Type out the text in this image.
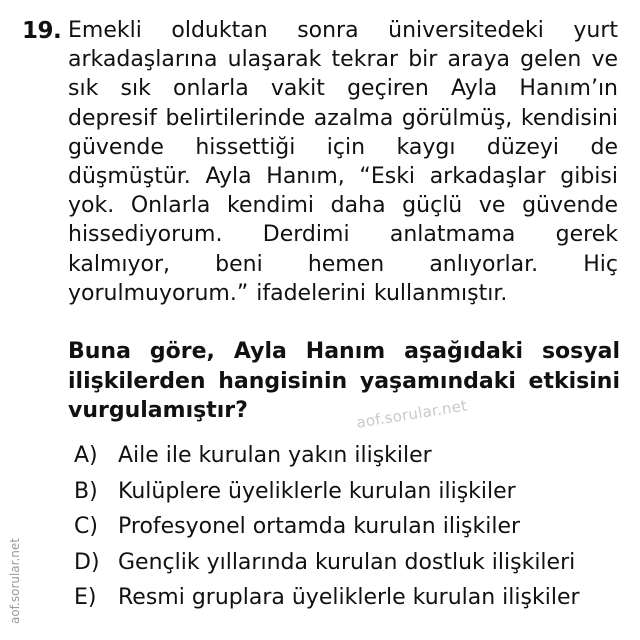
19. Emekli olduktan sonra üniversitedeki yurt arkadaşlarına ulaşarak tekrar bir araya gelen ve sık sık onlarla vakit geçiren Ayla Hanım’ın depresif belirtilerinde azalma görülmüş, kendisini güvende hissettiği için kaygı düzeyi de düşmüştür. Ayla Hanım, “Eski arkadaşlar gibisi yok. Onlarla kendimi daha güçlü ve güvende hissediyorum. Derdimi anlatmama gerek kalmıyor, beni hemen anlıyorlar. Hiç yorulmuyorum.” ifadelerini kullanmıştır.
Buna göre, Ayla Hanım aşağıdaki sosyal ilişkilerden hangisinin yaşamındaki etkisini vurgulamıştır?
A) Aile ile kurulan yakın ilişkiler
B) Kulüplere üyeliklerle kurulan ilişkiler
C) Profesyonel ortamda kurulan ilişkiler
D) Gençlik yıllarında kurulan dostluk ilişkileri
E) Resmi gruplara üyeliklerle kurulan ilişkiler
aof.sorular.net
aof.sorular.net
